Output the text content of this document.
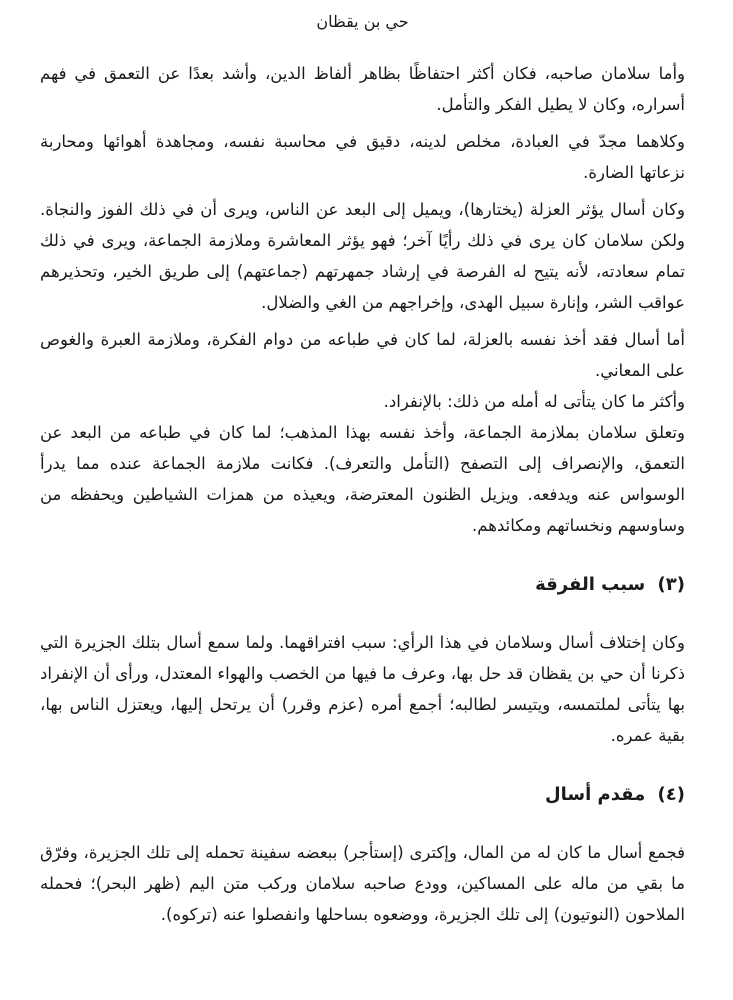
حي بن يقظان

وأما سلامان صاحبه، فكان أكثر احتفاظًا بظاهر ألفاظ الدين، وأشد بعدًا عن التعمق في فهم أسراره، وكان لا يطيل الفكر والتأمل.

وكلاهما مجدّ في العبادة، مخلص لدينه، دقيق في محاسبة نفسه، ومجاهدة أهوائها ومحاربة نزعاتها الضارة.

وكان أسال يؤثر العزلة (يختارها)، ويميل إلى البعد عن الناس، ويرى أن في ذلك الفوز والنجاة. ولكن سلامان كان يرى في ذلك رأيًا آخر؛ فهو يؤثر المعاشرة وملازمة الجماعة، ويرى في ذلك تمام سعادته، لأنه يتيح له الفرصة في إرشاد جمهرتهم (جماعتهم) إلى طريق الخير، وتحذيرهم عواقب الشر، وإنارة سبيل الهدى، وإخراجهم من الغي والضلال.

أما أسال فقد أخذ نفسه بالعزلة، لما كان في طباعه من دوام الفكرة، وملازمة العبرة والغوص على المعاني.

وأكثر ما كان يتأتى له أمله من ذلك: بالإنفراد.

وتعلق سلامان بملازمة الجماعة، وأخذ نفسه بهذا المذهب؛ لما كان في طباعه من البعد عن التعمق، والإنصراف إلى التصفح (التأمل والتعرف). فكانت ملازمة الجماعة عنده مما يدرأ الوسواس عنه ويدفعه. ويزيل الظنون المعترضة، ويعيذه من همزات الشياطين ويحفظه من وساوسهم ونخساتهم ومكائدهم.

(٣) سبب الفرقة

وكان إختلاف أسال وسلامان في هذا الرأي: سبب افتراقهما. ولما سمع أسال بتلك الجزيرة التي ذكرنا أن حي بن يقظان قد حل بها، وعرف ما فيها من الخصب والهواء المعتدل، ورأى أن الإنفراد بها يتأتى لملتمسه، ويتيسر لطالبه؛ أجمع أمره (عزم وقرر) أن يرتحل إليها، ويعتزل الناس بها، بقية عمره.

(٤) مقدم أسال

فجمع أسال ما كان له من المال، وإكترى (إستأجر) ببعضه سفينة تحمله إلى تلك الجزيرة، وفرّق ما بقي من ماله على المساكين، وودع صاحبه سلامان وركب متن اليم (ظهر البحر)؛ فحمله الملاحون (النوتيون) إلى تلك الجزيرة، ووضعوه بساحلها وانفصلوا عنه (تركوه).
